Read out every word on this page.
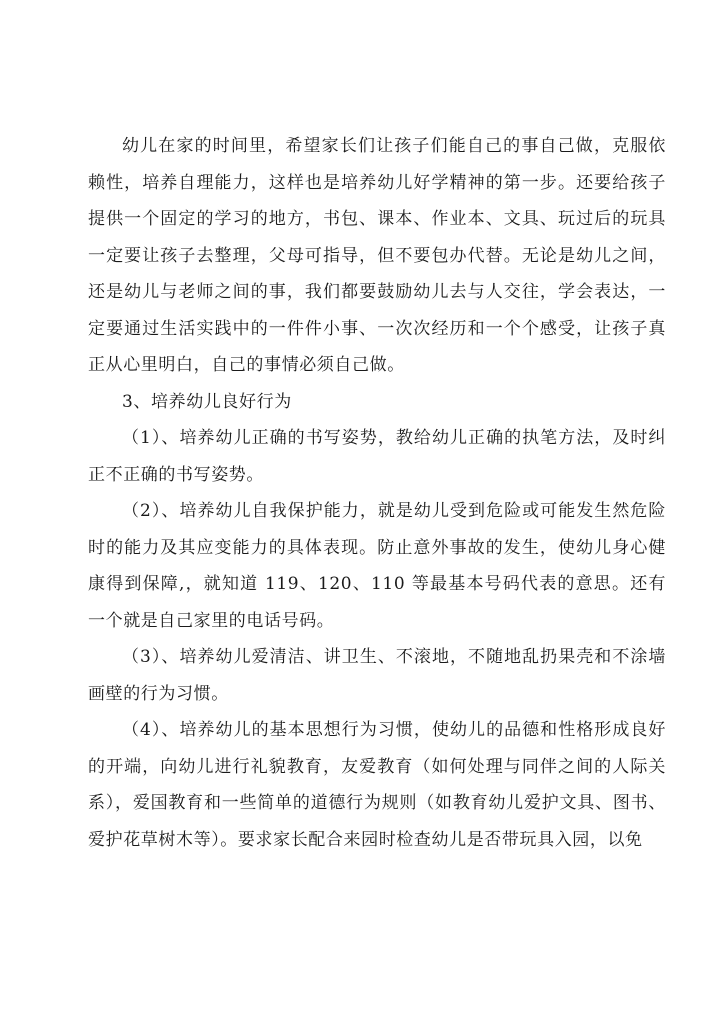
幼儿在家的时间里，希望家长们让孩子们能自己的事自己做，克服依赖性，培养自理能力，这样也是培养幼儿好学精神的第一步。还要给孩子提供一个固定的学习的地方，书包、课本、作业本、文具、玩过后的玩具一定要让孩子去整理，父母可指导，但不要包办代替。无论是幼儿之间，还是幼儿与老师之间的事，我们都要鼓励幼儿去与人交往，学会表达，一定要通过生活实践中的一件件小事、一次次经历和一个个感受，让孩子真正从心里明白，自己的事情必须自己做。

3、培养幼儿良好行为

（1）、培养幼儿正确的书写姿势，教给幼儿正确的执笔方法，及时纠正不正确的书写姿势。

（2）、培养幼儿自我保护能力，就是幼儿受到危险或可能发生然危险时的能力及其应变能力的具体表现。防止意外事故的发生，使幼儿身心健康得到保障,，就知道 119、120、110 等最基本号码代表的意思。还有一个就是自己家里的电话号码。

（3）、培养幼儿爱清洁、讲卫生、不滚地，不随地乱扔果壳和不涂墙画壁的行为习惯。

（4）、培养幼儿的基本思想行为习惯，使幼儿的品德和性格形成良好的开端，向幼儿进行礼貌教育，友爱教育（如何处理与同伴之间的人际关系），爱国教育和一些简单的道德行为规则（如教育幼儿爱护文具、图书、爱护花草树木等）。要求家长配合来园时检查幼儿是否带玩具入园，以免
